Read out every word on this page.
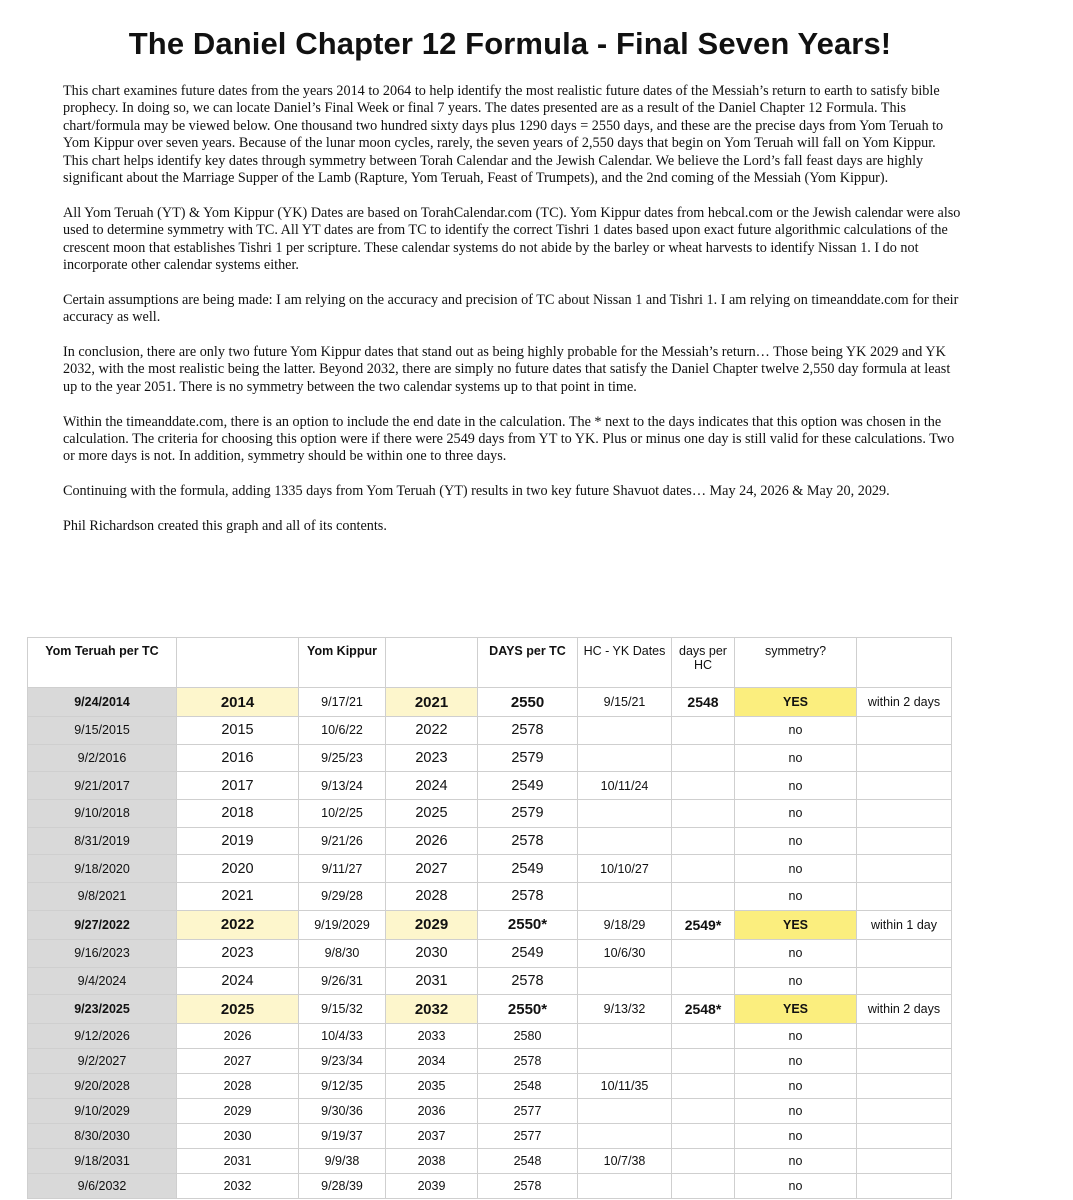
The Daniel Chapter 12 Formula - Final Seven Years!

This chart examines future dates from the years 2014 to 2064 to help identify the most realistic future dates of the Messiah’s return to earth to satisfy bible prophecy. In doing so, we can locate Daniel’s Final Week or final 7 years. The dates presented are as a result of the Daniel Chapter 12 Formula. This chart/formula may be viewed below. One thousand two hundred sixty days plus 1290 days = 2550 days, and these are the precise days from Yom Teruah to Yom Kippur over seven years. Because of the lunar moon cycles, rarely, the seven years of 2,550 days that begin on Yom Teruah will fall on Yom Kippur. This chart helps identify key dates through symmetry between Torah Calendar and the Jewish Calendar. We believe the Lord’s fall feast days are highly significant about the Marriage Supper of the Lamb (Rapture, Yom Teruah, Feast of Trumpets), and the 2nd coming of the Messiah (Yom Kippur).

All Yom Teruah (YT) & Yom Kippur (YK) Dates are based on TorahCalendar.com (TC). Yom Kippur dates from hebcal.com or the Jewish calendar were also used to determine symmetry with TC. All YT dates are from TC to identify the correct Tishri 1 dates based upon exact future algorithmic calculations of the crescent moon that establishes Tishri 1 per scripture. These calendar systems do not abide by the barley or wheat harvests to identify Nissan 1. I do not incorporate other calendar systems either.

Certain assumptions are being made: I am relying on the accuracy and precision of TC about Nissan 1 and Tishri 1. I am relying on timeanddate.com for their accuracy as well.

In conclusion, there are only two future Yom Kippur dates that stand out as being highly probable for the Messiah’s return… Those being YK 2029 and YK 2032, with the most realistic being the latter. Beyond 2032, there are simply no future dates that satisfy the Daniel Chapter twelve 2,550 day formula at least up to the year 2051. There is no symmetry between the two calendar systems up to that point in time.

Within the timeanddate.com, there is an option to include the end date in the calculation. The * next to the days indicates that this option was chosen in the calculation. The criteria for choosing this option were if there were 2549 days from YT to YK. Plus or minus one day is still valid for these calculations. Two or more days is not. In addition, symmetry should be within one to three days.

Continuing with the formula, adding 1335 days from Yom Teruah (YT) results in two key future Shavuot dates… May 24, 2026 & May 20, 2029.

Phil Richardson created this graph and all of its contents.

Yom Teruah per TC		Yom Kippur		DAYS per TC	HC - YK Dates	days per HC	symmetry?	
9/24/2014	2014	9/17/21	2021	2550	9/15/21	2548	YES	within 2 days
9/15/2015	2015	10/6/22	2022	2578			no	
9/2/2016	2016	9/25/23	2023	2579			no	
9/21/2017	2017	9/13/24	2024	2549	10/11/24		no	
9/10/2018	2018	10/2/25	2025	2579			no	
8/31/2019	2019	9/21/26	2026	2578			no	
9/18/2020	2020	9/11/27	2027	2549	10/10/27		no	
9/8/2021	2021	9/29/28	2028	2578			no	
9/27/2022	2022	9/19/2029	2029	2550*	9/18/29	2549*	YES	within 1 day
9/16/2023	2023	9/8/30	2030	2549	10/6/30		no	
9/4/2024	2024	9/26/31	2031	2578			no	
9/23/2025	2025	9/15/32	2032	2550*	9/13/32	2548*	YES	within 2 days
9/12/2026	2026	10/4/33	2033	2580			no	
9/2/2027	2027	9/23/34	2034	2578			no	
9/20/2028	2028	9/12/35	2035	2548	10/11/35		no	
9/10/2029	2029	9/30/36	2036	2577			no	
8/30/2030	2030	9/19/37	2037	2577			no	
9/18/2031	2031	9/9/38	2038	2548	10/7/38		no	
9/6/2032	2032	9/28/39	2039	2578			no	
